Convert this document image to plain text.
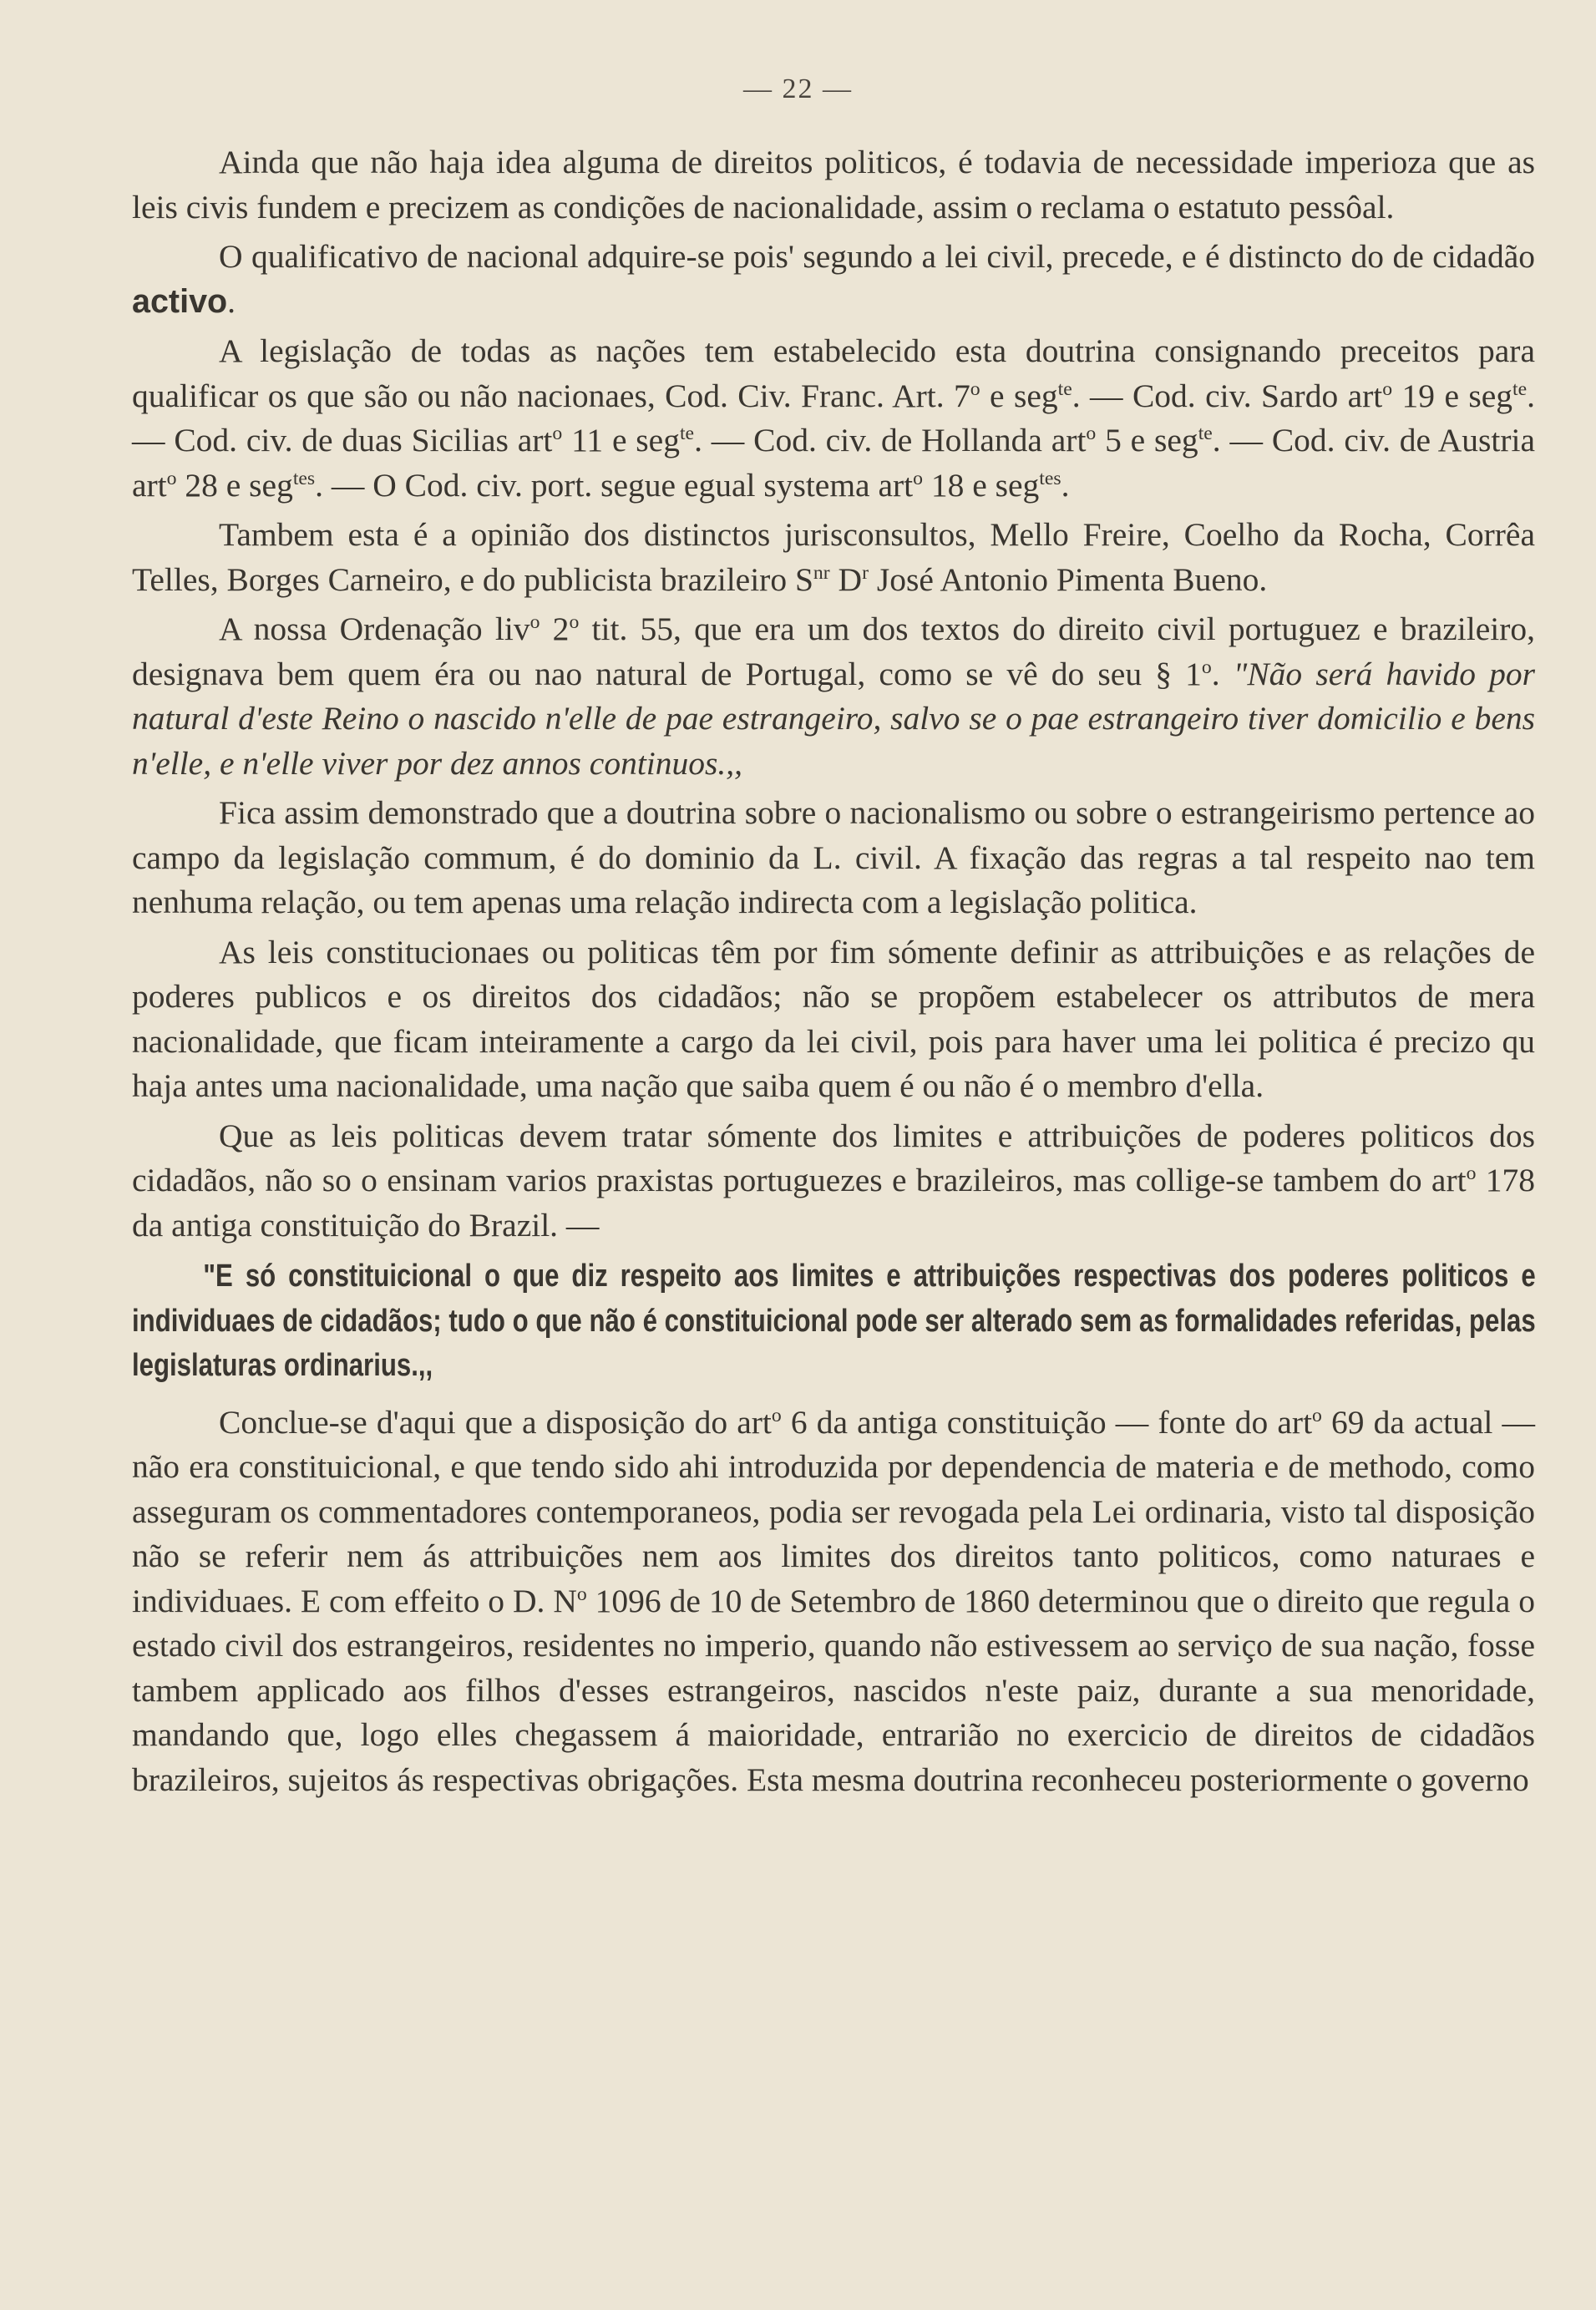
— 22 —

Ainda que não haja idea alguma de direitos politicos, é todavia de necessidade imperioza que as leis civis fundem e precizem as condições de nacionalidade, assim o reclama o estatuto pessôal.

O qualificativo de nacional adquire-se pois' segundo a lei civil, precede, e é distincto do de cidadão activo.

A legislação de todas as nações tem estabelecido esta doutrina consignando preceitos para qualificar os que são ou não nacionaes, Cod. Civ. Franc. Art. 7$^o$ e seg$^{te}$. — Cod. civ. Sardo art$^o$ 19 e seg$^{te}$. — Cod. civ. de duas Sicilias art$^o$ 11 e seg$^{te}$. — Cod. civ. de Hollanda art$^o$ 5 e seg$^{te}$. — Cod. civ. de Austria art$^o$ 28 e seg$^{tes}$. — O Cod. civ. port. segue egual systema art$^o$ 18 e seg$^{tes}$.

Tambem esta é a opinião dos distinctos jurisconsultos, Mello Freire, Coelho da Rocha, Corrêa Telles, Borges Carneiro, e do publicista brazileiro $S^{nr}$ $D^r$ José Antonio Pimenta Bueno.

A nossa Ordenação liv$^o$ 2$^o$ tit. 55, que era um dos textos do direito civil portuguez e brazileiro, designava bem quem éra ou nao natural de Portugal, como se vê do seu § 1$^o$. "Não será havido por natural d'este Reino o nascido n'elle de pae estrangeiro, salvo se o pae estrangeiro tiver domicilio e bens n'elle, e n'elle viver por dez annos continuos.,,

Fica assim demonstrado que a doutrina sobre o nacionalismo ou sobre o estrangeirismo pertence ao campo da legislação commum, é do dominio da L. civil. A fixação das regras a tal respeito nao tem nenhuma relação, ou tem apenas uma relação indirecta com a legislação politica.

As leis constitucionaes ou politicas têm por fim sómente definir as attribuições e as relações de poderes publicos e os direitos dos cidadãos; não se propõem estabelecer os attributos de mera nacionalidade, que ficam inteiramente a cargo da lei civil, pois para haver uma lei politica é precizo qu haja antes uma nacionalidade, uma nação que saiba quem é ou não é o membro d'ella.

Que as leis politicas devem tratar sómente dos limites e attribuições de poderes politicos dos cidadãos, não so o ensinam varios praxistas portuguezes e brazileiros, mas collige-se tambem do art$^o$ 178 da antiga constituição do Brazil. —

"E só constituicional o que diz respeito aos limites e attribuições respectivas dos poderes politicos e individuaes de cidadãos; tudo o que não é constituicional pode ser alterado sem as formalidades referidas, pelas legislaturas ordinarius.,,

Conclue-se d'aqui que a disposição do art$^o$ 6 da antiga constituição — fonte do art$^o$ 69 da actual — não era constituicional, e que tendo sido ahi introduzida por dependencia de materia e de methodo, como asseguram os commentadores contemporaneos, podia ser revogada pela Lei ordinaria, visto tal disposição não se referir nem ás attribuições nem aos limites dos direitos tanto politicos, como naturaes e individuaes. E com effeito o D. $N^o$ 1096 de 10 de Setembro de 1860 determinou que o direito que regula o estado civil dos estrangeiros, residentes no imperio, quando não estivessem ao serviço de sua nação, fosse tambem applicado aos filhos d'esses estrangeiros, nascidos n'este paiz, durante a sua menoridade, mandando que, logo elles chegassem á maioridade, entrarião no exercicio de direitos de cidadãos brazileiros, sujeitos ás respectivas obrigações. Esta mesma doutrina reconheceu posteriormente o governo
